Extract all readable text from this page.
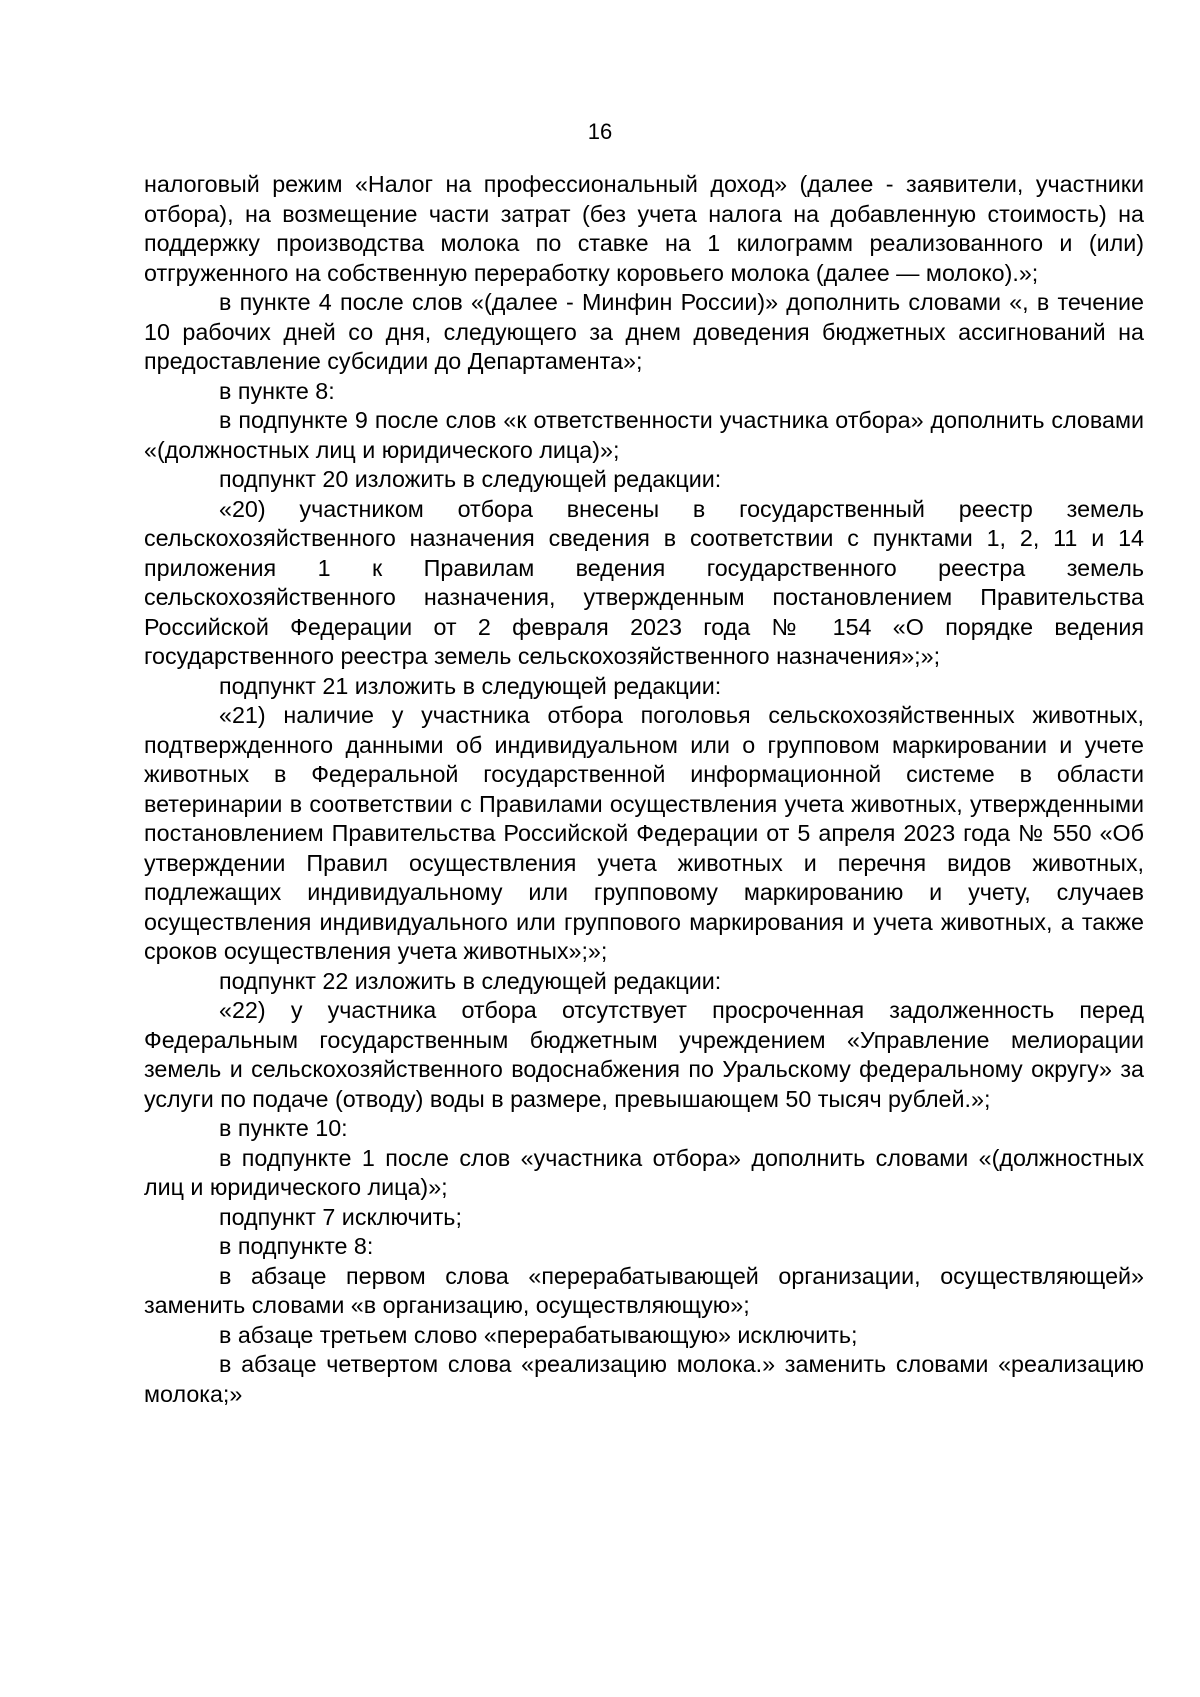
16

налоговый режим «Налог на профессиональный доход» (далее - заявители, участники отбора), на возмещение части затрат (без учета налога на добавленную стоимость) на поддержку производства молока по ставке на 1 килограмм реализованного и (или) отгруженного на собственную переработку коровьего молока (далее — молоко).»;

в пункте 4 после слов «(далее - Минфин России)» дополнить словами «, в течение 10 рабочих дней со дня, следующего за днем доведения бюджетных ассигнований на предоставление субсидии до Департамента»;

в пункте 8:

в подпункте 9 после слов «к ответственности участника отбора» дополнить словами «(должностных лиц и юридического лица)»;

подпункт 20 изложить в следующей редакции:

«20) участником отбора внесены в государственный реестр земель сельскохозяйственного назначения сведения в соответствии с пунктами 1, 2, 11 и 14 приложения 1 к Правилам ведения государственного реестра земель сельскохозяйственного назначения, утвержденным постановлением Правительства Российской Федерации от 2 февраля 2023 года № 154 «О порядке ведения государственного реестра земель сельскохозяйственного назначения»;»;

подпункт 21 изложить в следующей редакции:

«21) наличие у участника отбора поголовья сельскохозяйственных животных, подтвержденного данными об индивидуальном или о групповом маркировании и учете животных в Федеральной государственной информационной системе в области ветеринарии в соответствии с Правилами осуществления учета животных, утвержденными постановлением Правительства Российской Федерации от 5 апреля 2023 года № 550 «Об утверждении Правил осуществления учета животных и перечня видов животных, подлежащих индивидуальному или групповому маркированию и учету, случаев осуществления индивидуального или группового маркирования и учета животных, а также сроков осуществления учета животных»;»;

подпункт 22 изложить в следующей редакции:

«22) у участника отбора отсутствует просроченная задолженность перед Федеральным государственным бюджетным учреждением «Управление мелиорации земель и сельскохозяйственного водоснабжения по Уральскому федеральному округу» за услуги по подаче (отводу) воды в размере, превышающем 50 тысяч рублей.»;

в пункте 10:

в подпункте 1 после слов «участника отбора» дополнить словами «(должностных лиц и юридического лица)»;

подпункт 7 исключить;

в подпункте 8:

в абзаце первом слова «перерабатывающей организации, осуществляющей» заменить словами «в организацию, осуществляющую»;

в абзаце третьем слово «перерабатывающую» исключить;

в абзаце четвертом слова «реализацию молока.» заменить словами «реализацию молока;»
